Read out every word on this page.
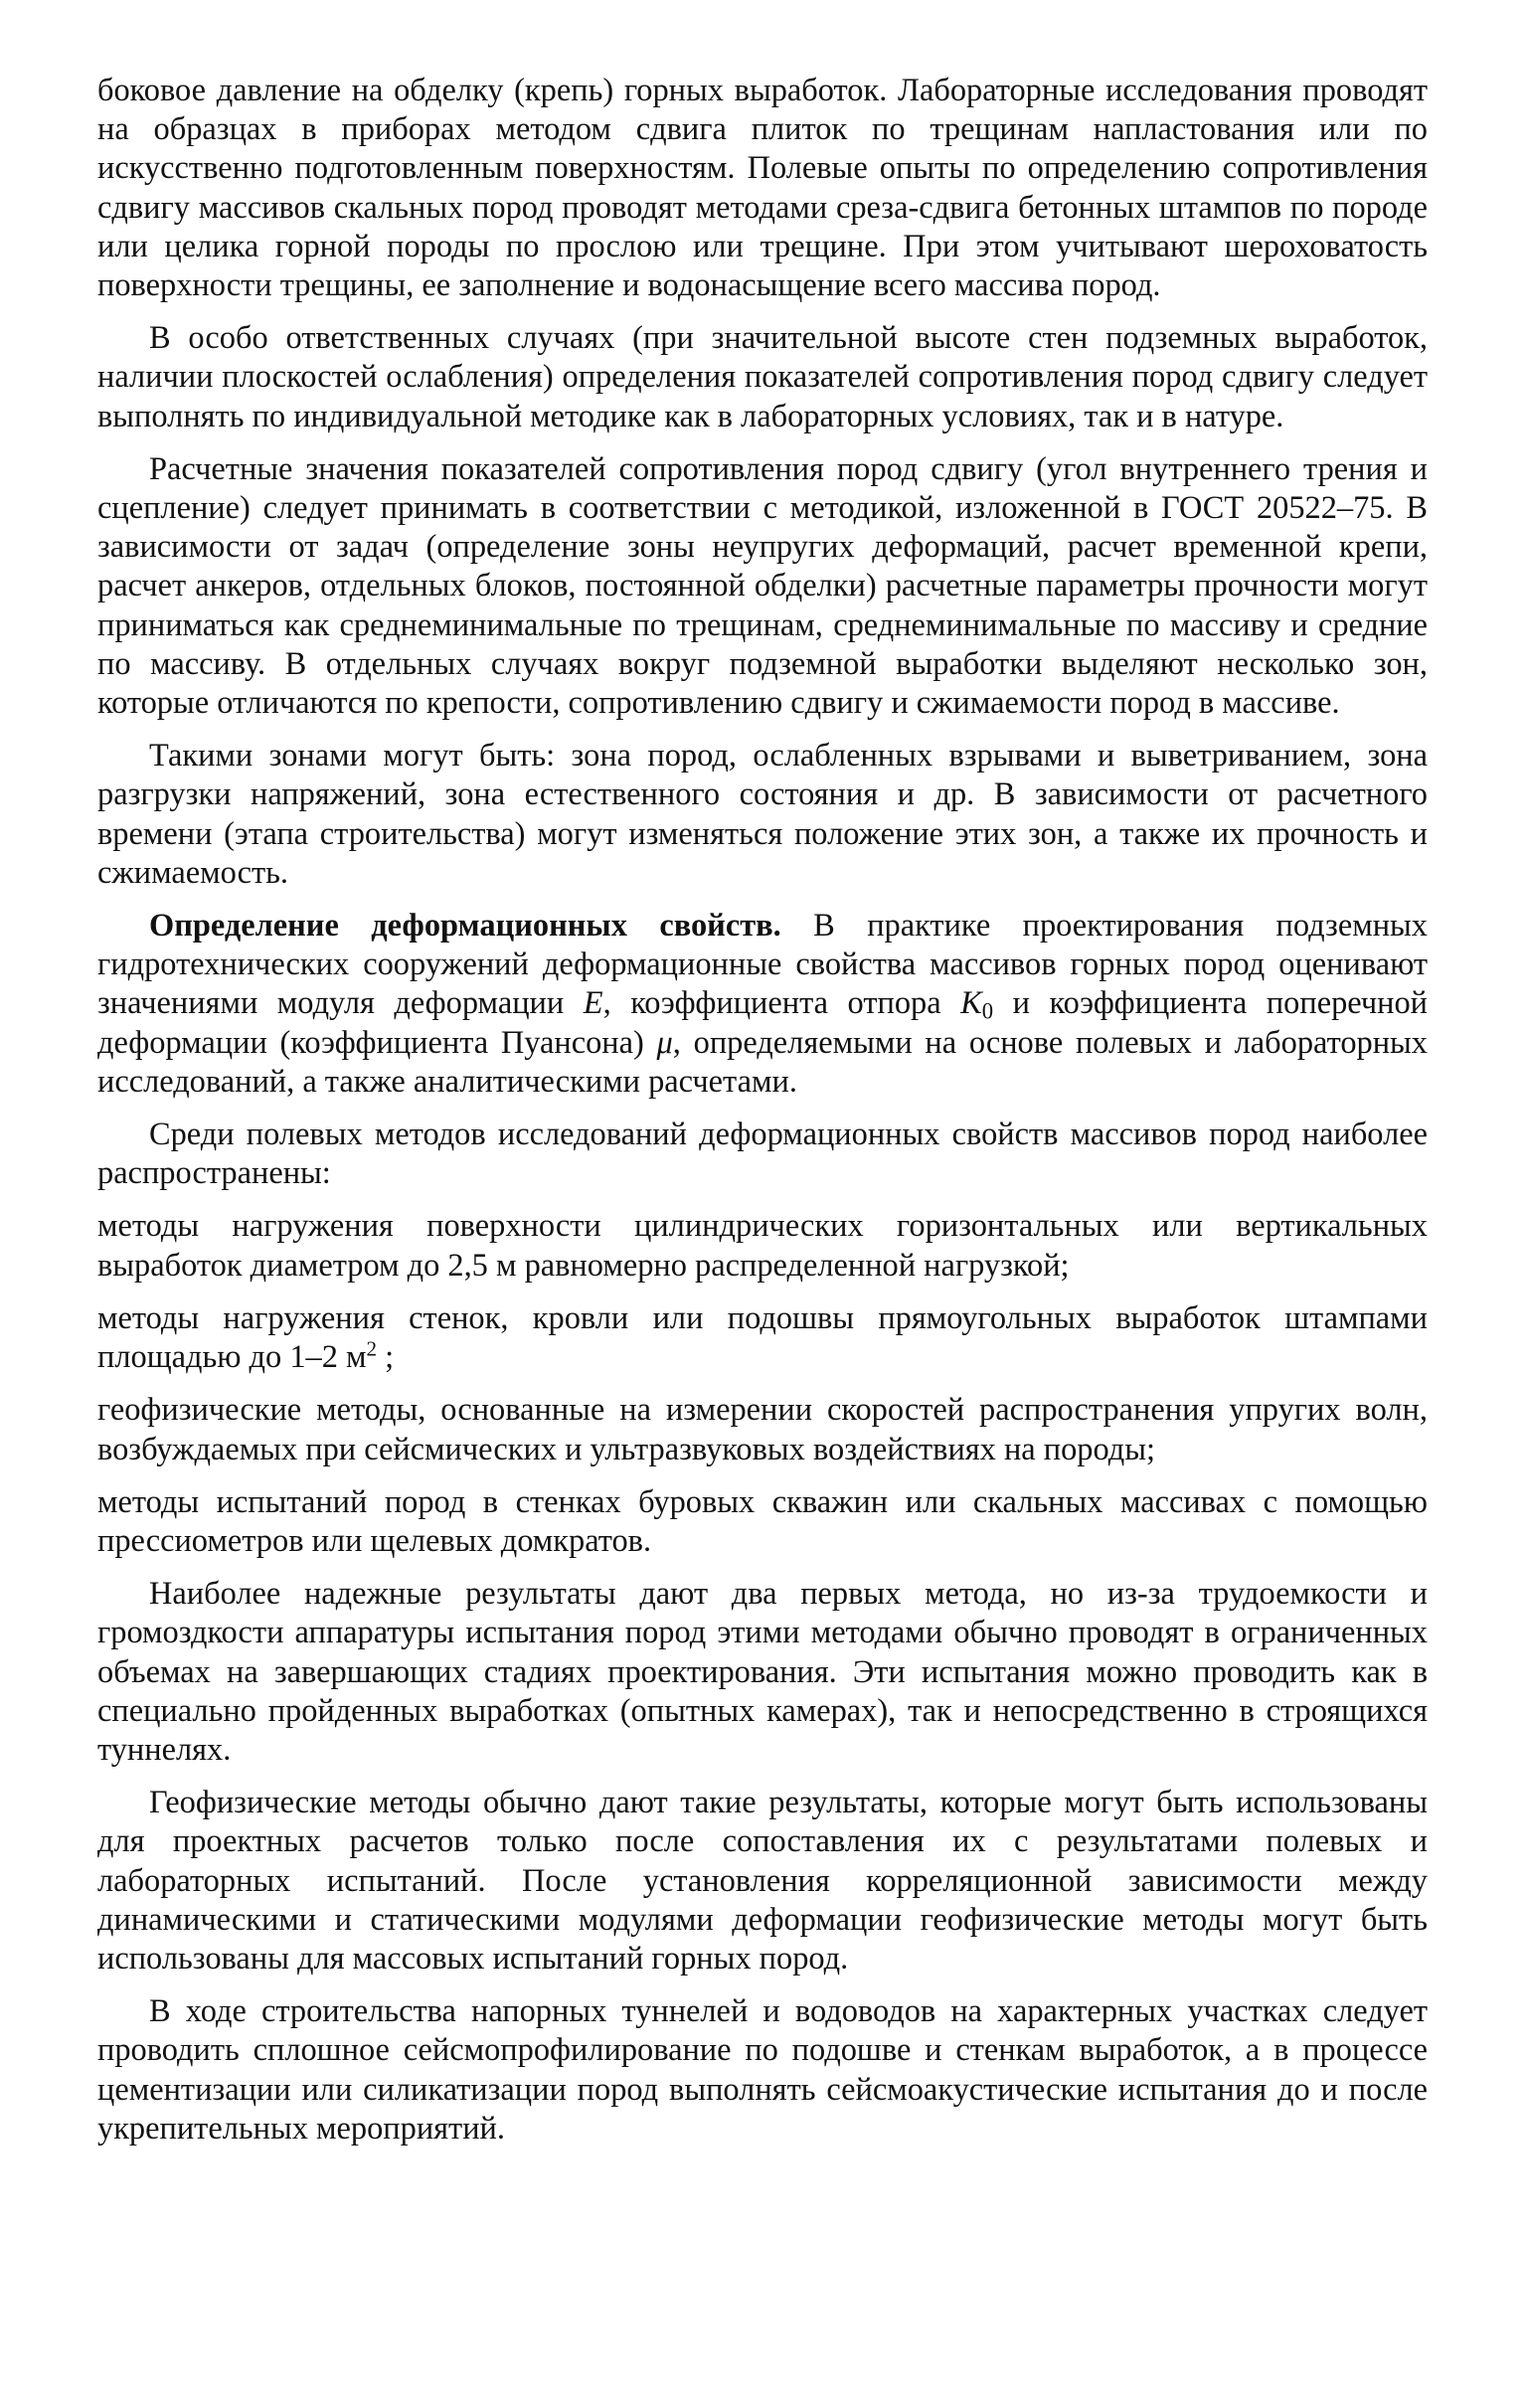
боковое давление на обделку (крепь) горных выработок. Лабораторные исследования проводят на образцах в приборах методом сдвига плиток по трещинам напластования или по искусственно подготовленным поверхностям. Полевые опыты по определению сопротивления сдвигу массивов скальных пород проводят методами среза-сдвига бетонных штампов по породе или целика горной породы по прослою или трещине. При этом учитывают шероховатость поверхности трещины, ее заполнение и водонасыщение всего массива пород.

В особо ответственных случаях (при значительной высоте стен подземных выработок, наличии плоскостей ослабления) определения показателей сопротивления пород сдвигу следует выполнять по индивидуальной методике как в лабораторных условиях, так и в натуре.

Расчетные значения показателей сопротивления пород сдвигу (угол внутреннего трения и сцепление) следует принимать в соответствии с методикой, изложенной в ГОСТ 20522–75. В зависимости от задач (определение зоны неупругих деформаций, расчет временной крепи, расчет анкеров, отдельных блоков, постоянной обделки) расчетные параметры прочности могут приниматься как среднеминимальные по трещинам, среднеминимальные по массиву и средние по массиву. В отдельных случаях вокруг подземной выработки выделяют несколько зон, которые отличаются по крепости, сопротивлению сдвигу и сжимаемости пород в массиве.

Такими зонами могут быть: зона пород, ослабленных взрывами и выветриванием, зона разгрузки напряжений, зона естественного состояния и др. В зависимости от расчетного времени (этапа строительства) могут изменяться положение этих зон, а также их прочность и сжимаемость.

Определение деформационных свойств. В практике проектирования подземных гидротехнических сооружений деформационные свойства массивов горных пород оценивают значениями модуля деформации E, коэффициента отпора $K_0$ и коэффициента поперечной деформации (коэффициента Пуансона) μ, определяемыми на основе полевых и лабораторных исследований, а также аналитическими расчетами.

Среди полевых методов исследований деформационных свойств массивов пород наиболее распространены:

методы нагружения поверхности цилиндрических горизонтальных или вертикальных выработок диаметром до 2,5 м равномерно распределенной нагрузкой;

методы нагружения стенок, кровли или подошвы прямоугольных выработок штампами площадью до 1–2 $м^2$ ;

геофизические методы, основанные на измерении скоростей распространения упругих волн, возбуждаемых при сейсмических и ультразвуковых воздействиях на породы;

методы испытаний пород в стенках буровых скважин или скальных массивах с помощью прессиометров или щелевых домкратов.

Наиболее надежные результаты дают два первых метода, но из-за трудоемкости и громоздкости аппаратуры испытания пород этими методами обычно проводят в ограниченных объемах на завершающих стадиях проектирования. Эти испытания можно проводить как в специально пройденных выработках (опытных камерах), так и непосредственно в строящихся туннелях.

Геофизические методы обычно дают такие результаты, которые могут быть использованы для проектных расчетов только после сопоставления их с результатами полевых и лабораторных испытаний. После установления корреляционной зависимости между динамическими и статическими модулями деформации геофизические методы могут быть использованы для массовых испытаний горных пород.

В ходе строительства напорных туннелей и водоводов на характерных участках следует проводить сплошное сейсмопрофилирование по подошве и стенкам выработок, а в процессе цементизации или силикатизации пород выполнять сейсмоакустические испытания до и после укрепительных мероприятий.
